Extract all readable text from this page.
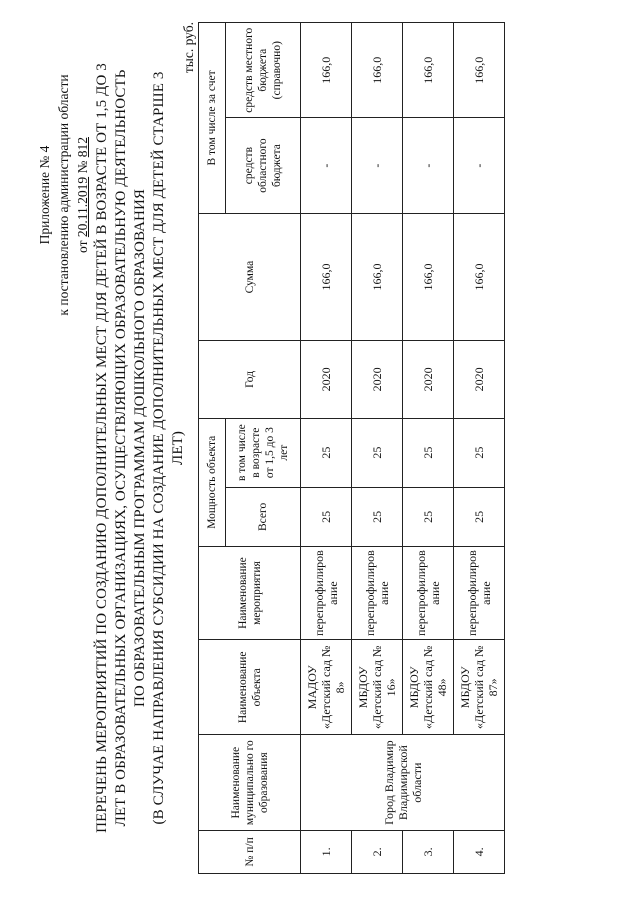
Приложение № 4 к постановлению администрации области от 20.11.2019 № 812 ПЕРЕЧЕНЬ МЕРОПРИЯТИЙ ПО СОЗДАНИЮ ДОПОЛНИТЕЛЬНЫХ МЕСТ ДЛЯ ДЕТЕЙ В ВОЗРАСТЕ ОТ 1,5 ДО 3 ЛЕТ В ОБРАЗОВАТЕЛЬНЫХ ОРГАНИЗАЦИЯХ, ОСУЩЕСТВЛЯЮЩИХ ОБРАЗОВАТЕЛЬНУЮ ДЕЯТЕЛЬНОСТЬ ПО ОБРАЗОВАТЕЛЬНЫМ ПРОГРАММАМ ДОШКОЛЬНОГО ОБРАЗОВАНИЯ (В СЛУЧАЕ НАПРАВЛЕНИЯ СУБСИДИИ НА СОЗДАНИЕ ДОПОЛНИТЕЛЬНЫХ МЕСТ ДЛЯ ДЕТЕЙ СТАРШЕ 3 ЛЕТ)
тыс. руб.
№ п/п	Наименование муниципально го образования	Наименование объекта	Наименование мероприятия	Мощность объекта		Год	Сумма	В том числе за счет	
				Всего	в том числе в возрасте от 1,5 до 3 лет			средств областного бюджета	средств местного бюджета (справочно)
1.	Город Владимир Владимирской области	МАДОУ «Детский сад № 8»	перепрофилиров ание	25	25	2020	166,0	-	166,0
2.		МБДОУ «Детский сад № 16»	перепрофилиров ание	25	25	2020	166,0	-	166,0
3.		МБДОУ «Детский сад № 48»	перепрофилиров ание	25	25	2020	166,0	-	166,0
4.		МБДОУ «Детский сад № 87»	перепрофилиров ание	25	25	2020	166,0	-	166,0
